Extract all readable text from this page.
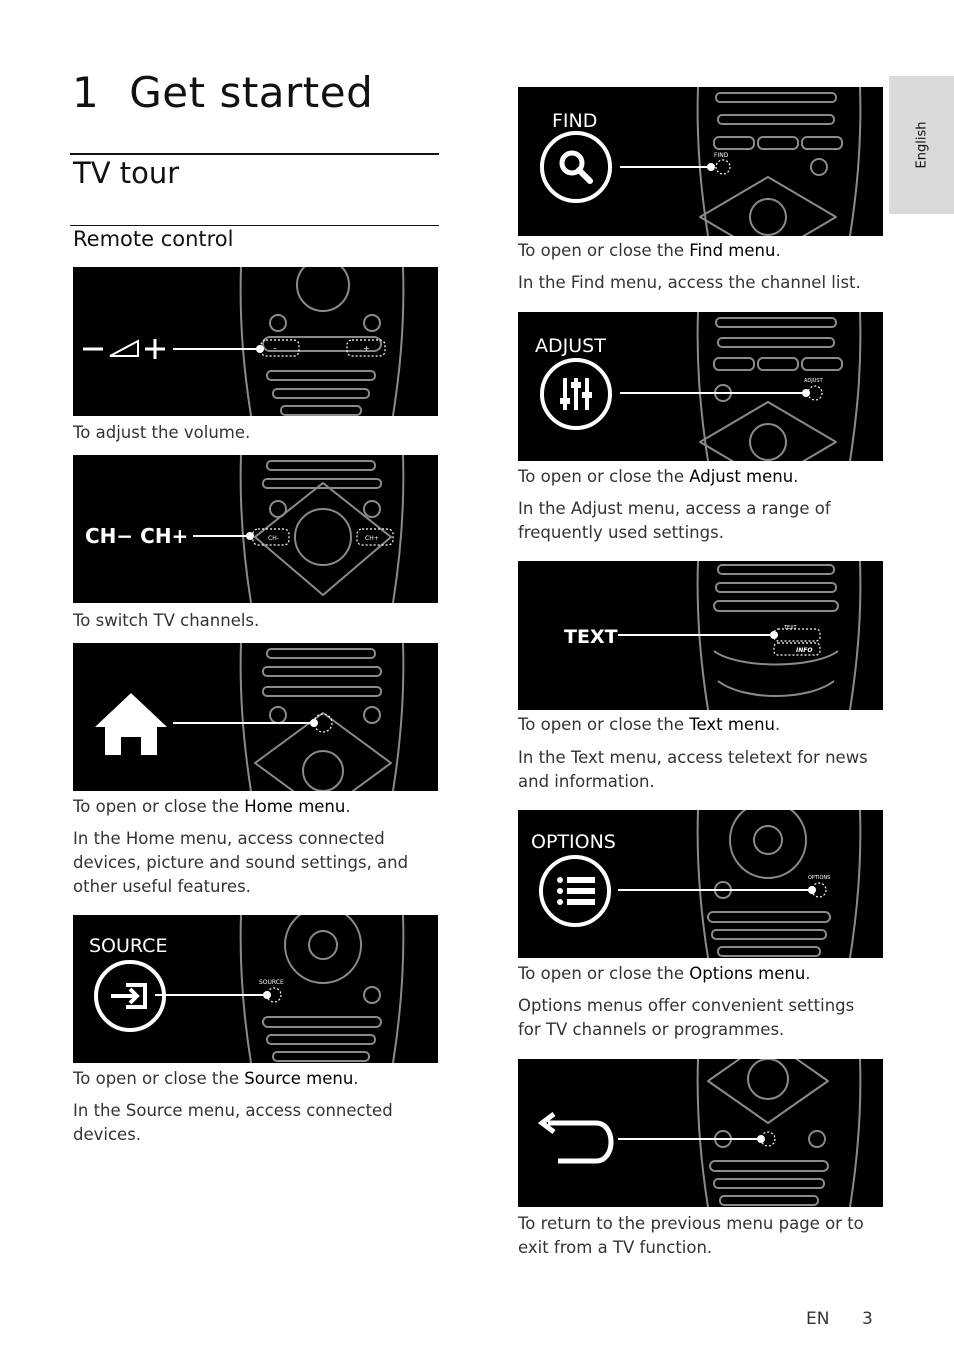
1 Get started
TV tour
Remote control
English
–	+

To adjust the volume.

CH-	CH+
CH− CH+

To switch TV channels.

To open or close the Home menu.

In the Home menu, access connected devices, picture and sound settings, and other useful features.

SOURCE
SOURCE

To open or close the Source menu.

In the Source menu, access connected devices.

FIND
FIND

To open or close the Find menu.

In the Find menu, access the channel list.

ADJUST
ADJUST

To open or close the Adjust menu.

In the Adjust menu, access a range of frequently used settings.

TEXT
INFO
TEXT

To open or close the Text menu.

In the Text menu, access teletext for news and information.

OPTIONS
OPTIONS

To open or close the Options menu.

Options menus offer convenient settings for TV channels or programmes.

To return to the previous menu page or to exit from a TV function.

EN 3
